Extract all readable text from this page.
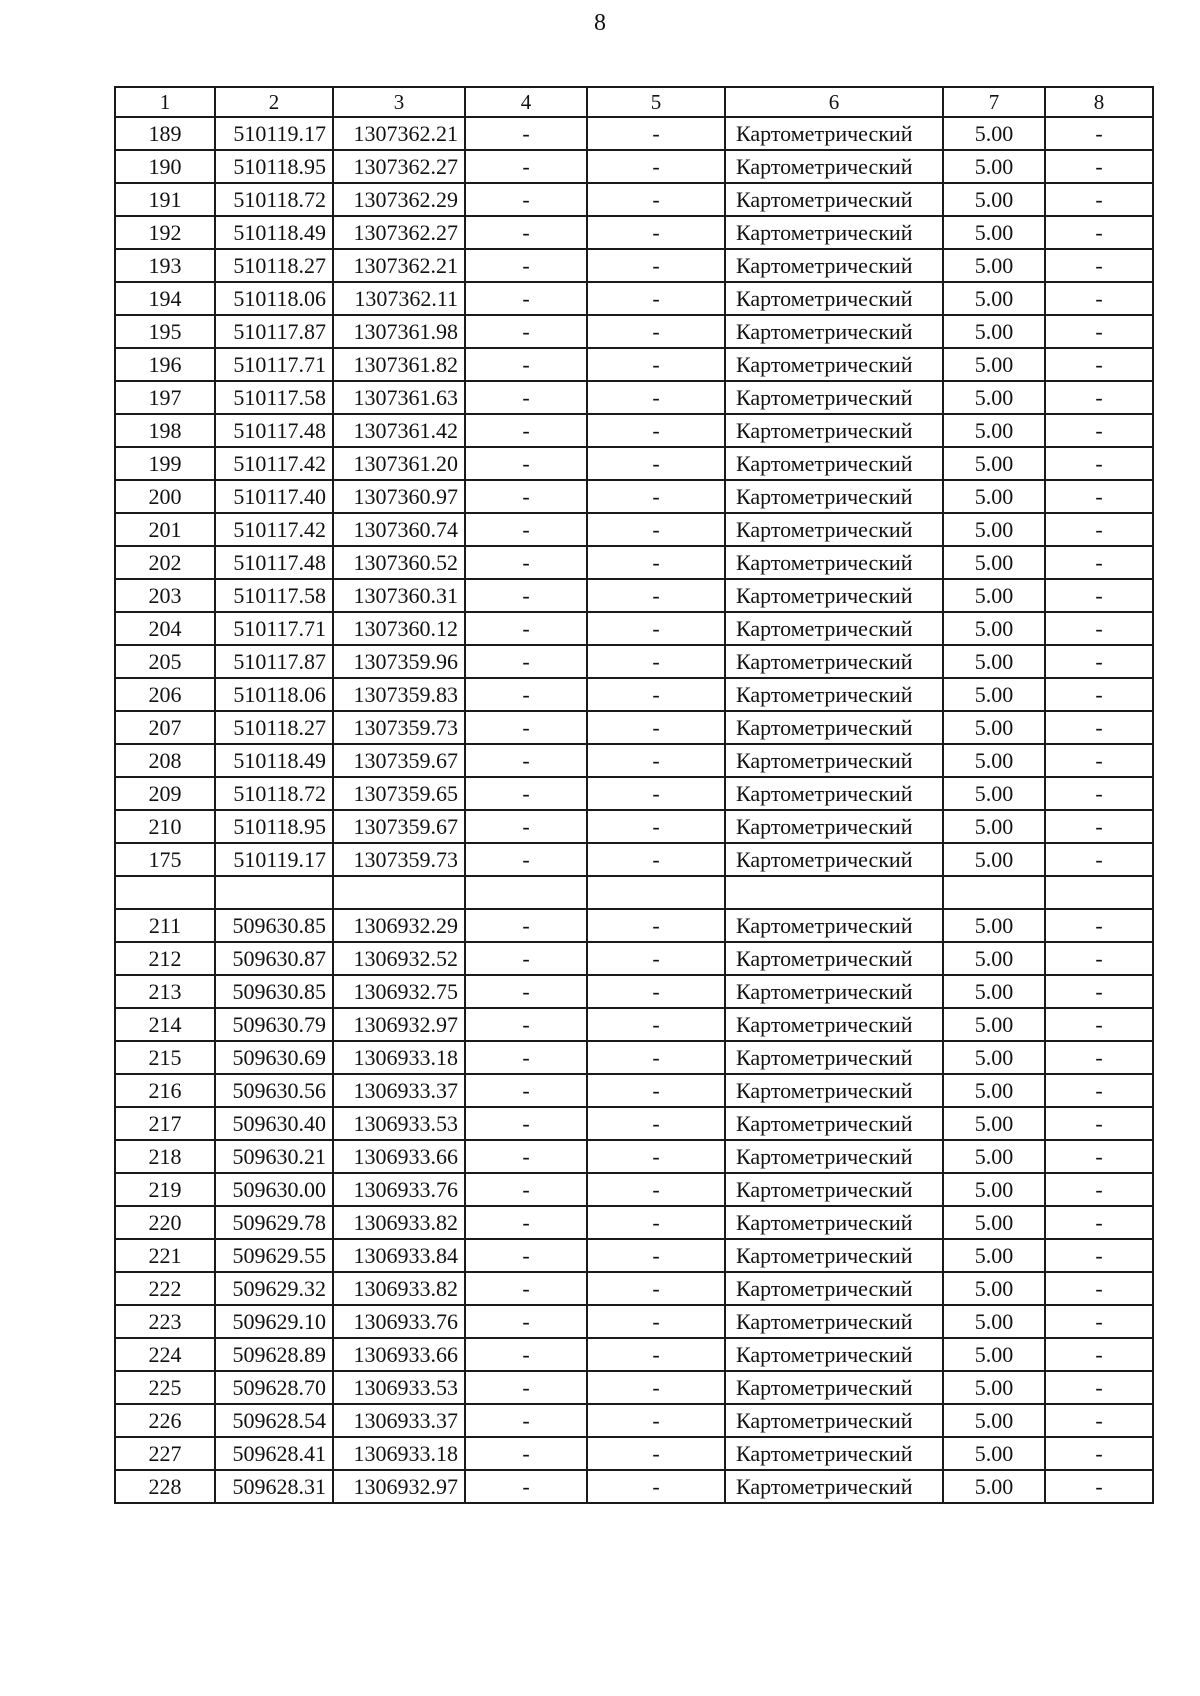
8
1	2	3	4	5	6	7	8
189	510119.17	1307362.21	-	-	Картометрический	5.00	-
190	510118.95	1307362.27	-	-	Картометрический	5.00	-
191	510118.72	1307362.29	-	-	Картометрический	5.00	-
192	510118.49	1307362.27	-	-	Картометрический	5.00	-
193	510118.27	1307362.21	-	-	Картометрический	5.00	-
194	510118.06	1307362.11	-	-	Картометрический	5.00	-
195	510117.87	1307361.98	-	-	Картометрический	5.00	-
196	510117.71	1307361.82	-	-	Картометрический	5.00	-
197	510117.58	1307361.63	-	-	Картометрический	5.00	-
198	510117.48	1307361.42	-	-	Картометрический	5.00	-
199	510117.42	1307361.20	-	-	Картометрический	5.00	-
200	510117.40	1307360.97	-	-	Картометрический	5.00	-
201	510117.42	1307360.74	-	-	Картометрический	5.00	-
202	510117.48	1307360.52	-	-	Картометрический	5.00	-
203	510117.58	1307360.31	-	-	Картометрический	5.00	-
204	510117.71	1307360.12	-	-	Картометрический	5.00	-
205	510117.87	1307359.96	-	-	Картометрический	5.00	-
206	510118.06	1307359.83	-	-	Картометрический	5.00	-
207	510118.27	1307359.73	-	-	Картометрический	5.00	-
208	510118.49	1307359.67	-	-	Картометрический	5.00	-
209	510118.72	1307359.65	-	-	Картометрический	5.00	-
210	510118.95	1307359.67	-	-	Картометрический	5.00	-
175	510119.17	1307359.73	-	-	Картометрический	5.00	-

211	509630.85	1306932.29	-	-	Картометрический	5.00	-
212	509630.87	1306932.52	-	-	Картометрический	5.00	-
213	509630.85	1306932.75	-	-	Картометрический	5.00	-
214	509630.79	1306932.97	-	-	Картометрический	5.00	-
215	509630.69	1306933.18	-	-	Картометрический	5.00	-
216	509630.56	1306933.37	-	-	Картометрический	5.00	-
217	509630.40	1306933.53	-	-	Картометрический	5.00	-
218	509630.21	1306933.66	-	-	Картометрический	5.00	-
219	509630.00	1306933.76	-	-	Картометрический	5.00	-
220	509629.78	1306933.82	-	-	Картометрический	5.00	-
221	509629.55	1306933.84	-	-	Картометрический	5.00	-
222	509629.32	1306933.82	-	-	Картометрический	5.00	-
223	509629.10	1306933.76	-	-	Картометрический	5.00	-
224	509628.89	1306933.66	-	-	Картометрический	5.00	-
225	509628.70	1306933.53	-	-	Картометрический	5.00	-
226	509628.54	1306933.37	-	-	Картометрический	5.00	-
227	509628.41	1306933.18	-	-	Картометрический	5.00	-
228	509628.31	1306932.97	-	-	Картометрический	5.00	-
